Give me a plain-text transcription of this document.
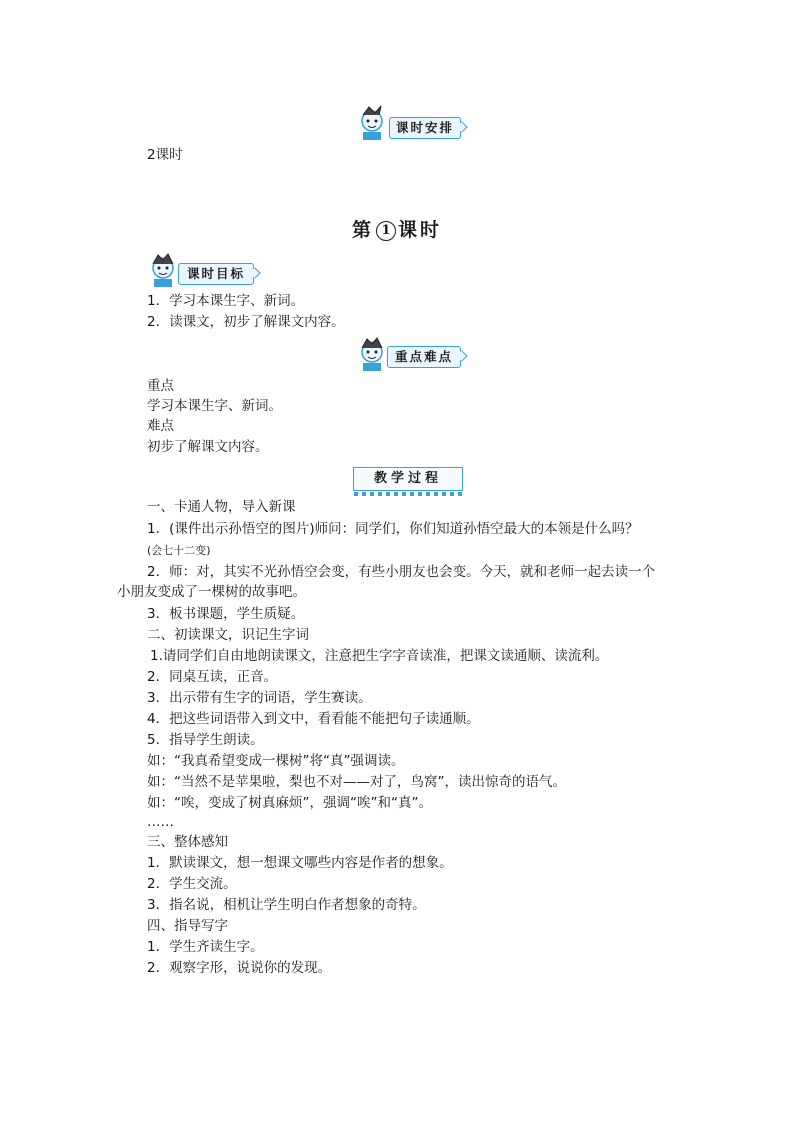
课时安排
2课时
第 1 课时
课时目标
1．学习本课生字、新词。
2．读课文，初步了解课文内容。
重点难点
重点
学习本课生字、新词。
难点
初步了解课文内容。
教学过程
一、卡通人物，导入新课
1．(课件出示孙悟空的图片)师问：同学们，你们知道孙悟空最大的本领是什么吗？
(会七十二变)
2．师：对，其实不光孙悟空会变，有些小朋友也会变。今天，就和老师一起去读一个
小朋友变成了一棵树的故事吧。
3．板书课题，学生质疑。
二、初读课文，识记生字词
1.请同学们自由地朗读课文，注意把生字字音读准，把课文读通顺、读流利。
2．同桌互读，正音。
3．出示带有生字的词语，学生赛读。
4．把这些词语带入到文中，看看能不能把句子读通顺。
5．指导学生朗读。
如：“我真希望变成一棵树”将“真”强调读。
如：“当然不是苹果啦，梨也不对——对了，鸟窝”，读出惊奇的语气。
如：“唉，变成了树真麻烦”，强调“唉”和“真”。
……
三、整体感知
1．默读课文，想一想课文哪些内容是作者的想象。
2．学生交流。
3．指名说，相机让学生明白作者想象的奇特。
四、指导写字
1．学生齐读生字。
2．观察字形，说说你的发现。
